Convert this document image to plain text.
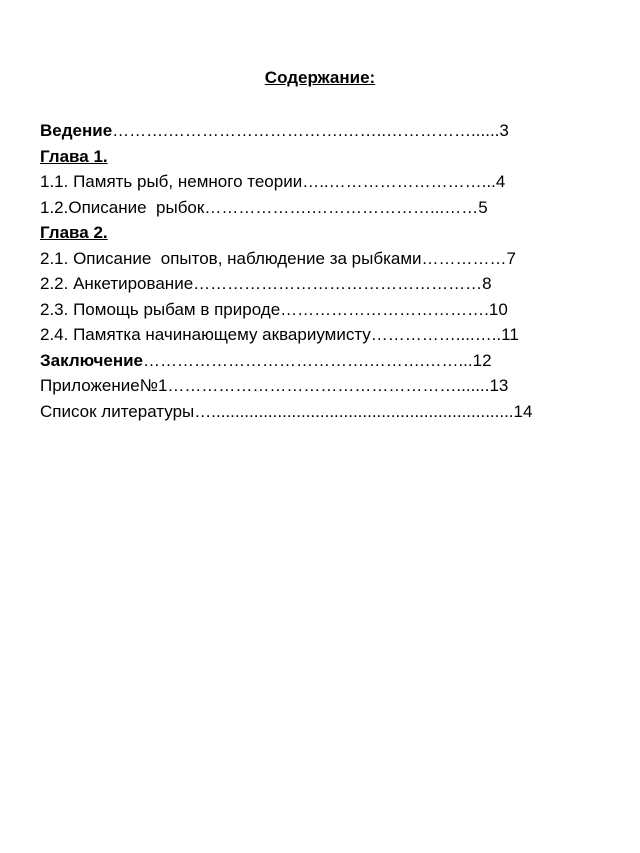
Содержание:
Ведение……….………………………….……..……………......3
Глава 1.
1.1. Память рыб, немного теории…..………………………...4
1.2.Описание  рыбок……………….…………………...……5
Глава 2.
2.1. Описание  опытов, наблюдение за рыбками……………7
2.2. Анкетирование……………………………………………8
2.3. Помощь рыбам в природе……………………………….10
2.4. Памятка начинающему аквариумисту……………....…..11
Заключение………………………………….……….……...12
Приложение№1…………………………………………….......13
Список литературы…................................................................14
